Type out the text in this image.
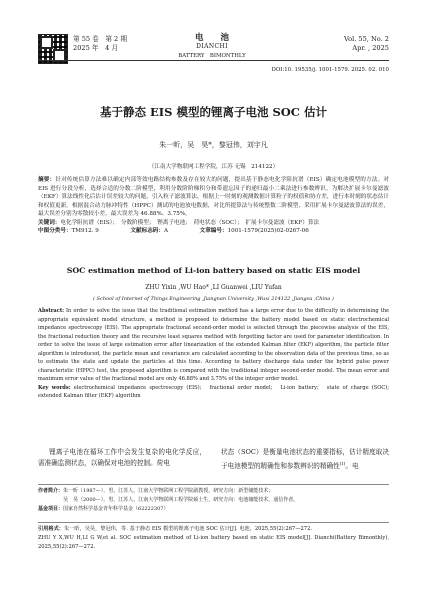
第 55 卷　第 2 期
2025 年　4 月
电　　池
DIANCHI
BATTERY　BIMONTHLY
Vol. 55, No. 2
Apr. , 2025
DOI:10. 19535/j. 1001-1579. 2025. 02. 010
基于静态 EIS 模型的锂离子电池 SOC 估计
朱一昕，吴　昊*，黎冠伟，刘宇凡
（江南大学物联网工程学院，江苏 无锡　214122）

摘要：针对传统估算方法难以确定内部等效电路结构参数及存在较大的问题，提出基于静态电化学阻抗谱（EIS）确定电池模型的方法。对 EIS 进行分段分析，选择合适的分数二阶模型，利用分数阶阶梯积分和带遗忘因子的递归最小二乘法进行参数辨识。为解决扩展卡尔曼滤波（EKF）算法线性化后估计误差较大的问题，引入粒子滤波算法，根据上一时刻的观测数据计算粒子的权值和协方差，进行本时刻的状态估计和权值更新。根据混合动力脉冲特性（HPPC）测试的电池放电数据，对比所提算法与传统整数二阶模型、采用扩展卡尔曼滤波算法的误差，最大误差分别为零散较小差，最大误差为 46.88%、3.75%。

关键词：电化学阻抗谱（EIS）；　分数阶模型；　锂离子电池；　荷电状态（SOC）；　扩展卡尔曼滤波（EKF）算法

中图分类号：TM912. 9	文献标志码：A	文章编号：1001-1579(2025)02-0267-06

SOC estimation method of Li-ion battery based on static EIS model
ZHU Yixin ,WU Hao* ,LI Guanwei ,LIU Yufan
( School of Internet of Things Engineering ,Jiangnan University ,Wuxi 214122 ,Jiangsu ,China )

Abstract: In order to solve the issue that the traditional estimation method has a large error due to the difficulty in determining the appropriate equivalent model structure, a method is proposed to determine the battery model based on static electrochemical impedance spectroscopy (EIS). The appropriate fractional second-order model is selected through the piecewise analysis of the EIS, the fractional reduction theory and the recursive least squares method with forgetting factor are used for parameter identification. In order to solve the issue of large estimation error after linearization of the extended Kalman filter (EKF) algorithm, the particle filter algorithm is introduced, the particle mean and covariance are calculated according to the observation data of the previous time, so as to estimate the state and update the particles at this time. According to battery discharge data under the hybrid pulse power characteristic (HPPC) test, the proposed algorithm is compared with the traditional integer second-order model. The mean error and maximum error value of the fractional model are only 46.88% and 3.75% of the integer order model.

Key words: electrochemical impedance spectroscopy (EIS);　fractional order model;　Li-ion battery;　state of charge (SOC);　extended Kalman filter (EKF) algorithm

锂离子电池在循环工作中会发生复杂的电化学反应，需准确监测状态，以确保对电池的控制。荷电

状态（SOC）是衡量电池状态的重要指标，估计精度取决于电池模型的精确性和参数辨识的精确性[1]。电

作者简介：朱一昕（1987—），男，江苏人，江南大学物联网工程学院副教授，研究方向：新型储能技术；

吴　昊（2000—），男，江苏人，江南大学物联网工程学院硕士生，研究方向：电池储能技术，通信作者。

基金项目：国家自然科学基金青年科学基金（62222307）

引用格式：朱一昕，吴昊，黎冠伟，等. 基于静态 EIS 模型的锂离子电池 SOC 估计[J]. 电池，2025,55(2):267—272.

ZHU Y X,WU H,LI G W,et al. SOC estimation method of Li-ion battery based on static EIS model[J]. Dianchi(Battery Bimonthly), 2025,55(2):267—272.
